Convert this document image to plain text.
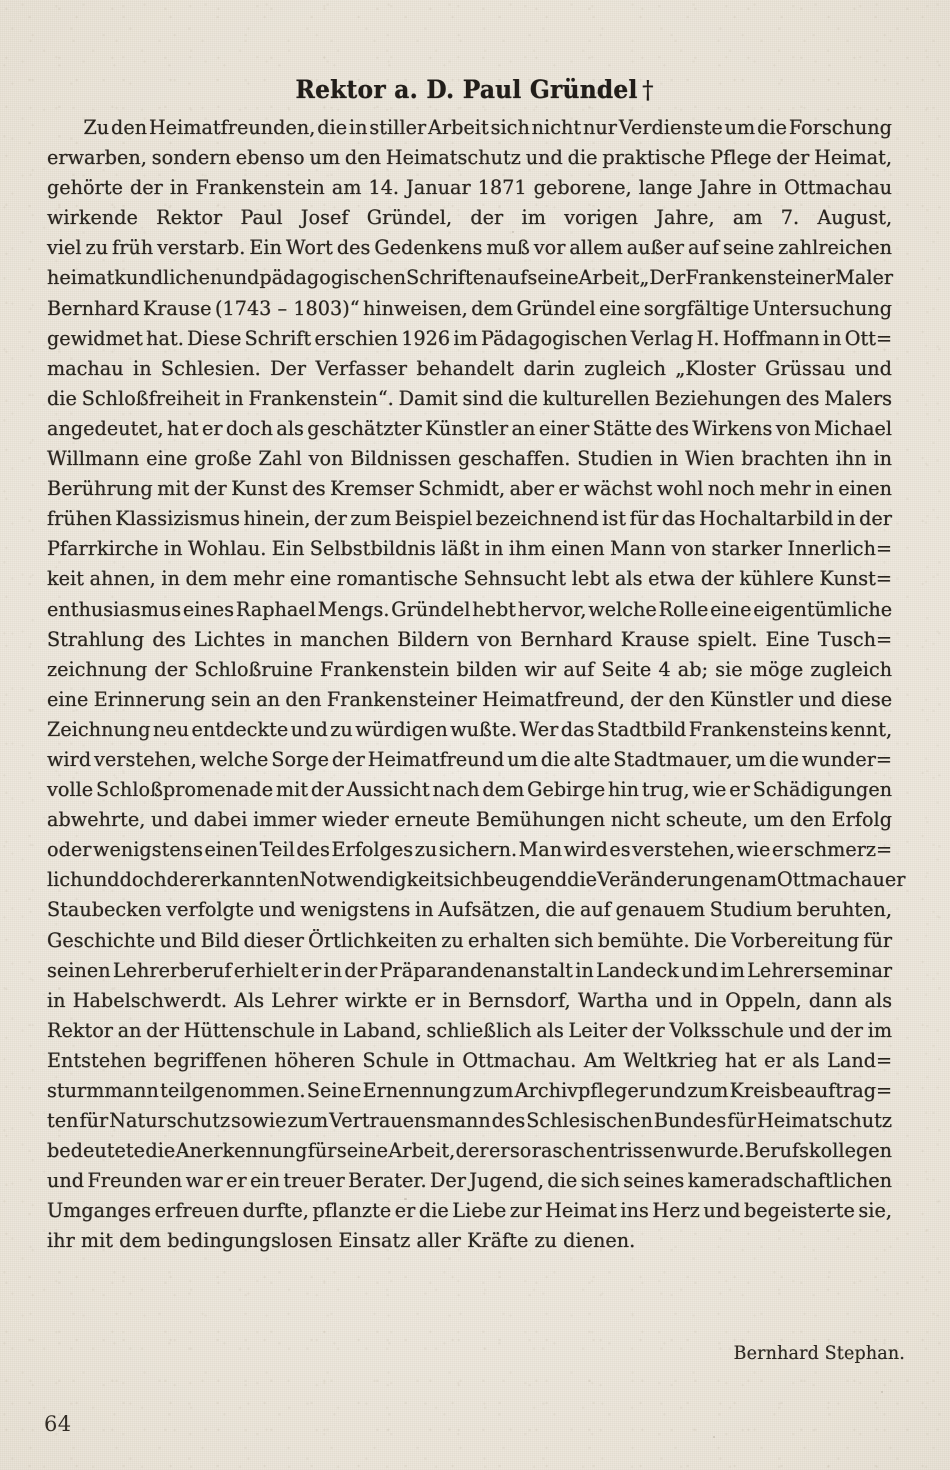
Rektor a. D. Paul Gründel †
Zu den Heimatfreunden, die in stiller Arbeit sich nicht nur Verdienste um die Forschung
erwarben, sondern ebenso um den Heimatschutz und die praktische Pflege der Heimat,
gehörte der in Frankenstein am 14. Januar 1871 geborene, lange Jahre in Ottmachau
wirkende Rektor Paul Josef Gründel, der im vorigen Jahre, am 7. August,
viel zu früh verstarb. Ein Wort des Gedenkens muß vor allem außer auf seine zahlreichen
heimatkundlichen und pädagogischen Schriften auf seine Arbeit „Der Frankensteiner Maler
Bernhard Krause (1743 – 1803)“ hinweisen, dem Gründel eine sorgfältige Untersuchung
gewidmet hat. Diese Schrift erschien 1926 im Pädagogischen Verlag H. Hoffmann in Ott=
machau in Schlesien. Der Verfasser behandelt darin zugleich „Kloster Grüssau und
die Schloßfreiheit in Frankenstein“. Damit sind die kulturellen Beziehungen des Malers
angedeutet, hat er doch als geschätzter Künstler an einer Stätte des Wirkens von Michael
Willmann eine große Zahl von Bildnissen geschaffen. Studien in Wien brachten ihn in
Berührung mit der Kunst des Kremser Schmidt, aber er wächst wohl noch mehr in einen
frühen Klassizismus hinein, der zum Beispiel bezeichnend ist für das Hochaltarbild in der
Pfarrkirche in Wohlau. Ein Selbstbildnis läßt in ihm einen Mann von starker Innerlich=
keit ahnen, in dem mehr eine romantische Sehnsucht lebt als etwa der kühlere Kunst=
enthusiasmus eines Raphael Mengs. Gründel hebt hervor, welche Rolle eine eigentümliche
Strahlung des Lichtes in manchen Bildern von Bernhard Krause spielt. Eine Tusch=
zeichnung der Schloßruine Frankenstein bilden wir auf Seite 4 ab; sie möge zugleich
eine Erinnerung sein an den Frankensteiner Heimatfreund, der den Künstler und diese
Zeichnung neu entdeckte und zu würdigen wußte. Wer das Stadtbild Frankensteins kennt,
wird verstehen, welche Sorge der Heimatfreund um die alte Stadtmauer, um die wunder=
volle Schloßpromenade mit der Aussicht nach dem Gebirge hin trug, wie er Schädigungen
abwehrte, und dabei immer wieder erneute Bemühungen nicht scheute, um den Erfolg
oder wenigstens einen Teil des Erfolges zu sichern. Man wird es verstehen, wie er schmerz=
lich und doch der erkannten Notwendigkeit sich beugend die Veränderungen am Ottmachauer
Staubecken verfolgte und wenigstens in Aufsätzen, die auf genauem Studium beruhten,
Geschichte und Bild dieser Örtlichkeiten zu erhalten sich bemühte. Die Vorbereitung für
seinen Lehrerberuf erhielt er in der Präparandenanstalt in Landeck und im Lehrerseminar
in Habelschwerdt. Als Lehrer wirkte er in Bernsdorf, Wartha und in Oppeln, dann als
Rektor an der Hüttenschule in Laband, schließlich als Leiter der Volksschule und der im
Entstehen begriffenen höheren Schule in Ottmachau. Am Weltkrieg hat er als Land=
sturmmann teilgenommen. Seine Ernennung zum Archivpfleger und zum Kreisbeauftrag=
ten für Naturschutz sowie zum Vertrauensmann des Schlesischen Bundes für Heimatschutz
bedeutete die Anerkennung für seine Arbeit, der er so rasch entrissen wurde. Berufskollegen
und Freunden war er ein treuer Berater. Der Jugend, die sich seines kameradschaftlichen
Umganges erfreuen durfte, pflanzte er die Liebe zur Heimat ins Herz und begeisterte sie,
ihr mit dem bedingungslosen Einsatz aller Kräfte zu dienen.
Bernhard Stephan.
64
